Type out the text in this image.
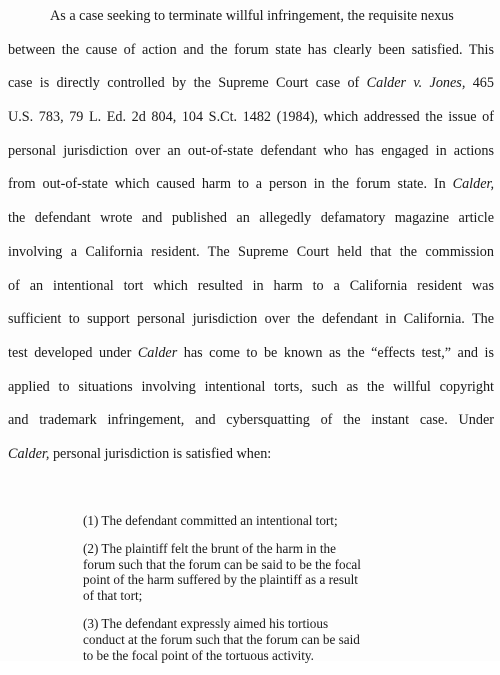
As a case seeking to terminate willful infringement, the requisite nexus
between the cause of action and the forum state has clearly been satisfied. This
case is directly controlled by the Supreme Court case of Calder v. Jones, 465
U.S. 783, 79 L. Ed. 2d 804, 104 S.Ct. 1482 (1984), which addressed the issue of
personal jurisdiction over an out-of-state defendant who has engaged in actions
from out-of-state which caused harm to a person in the forum state. In Calder,
the defendant wrote and published an allegedly defamatory magazine article
involving a California resident. The Supreme Court held that the commission
of an intentional tort which resulted in harm to a California resident was
sufficient to support personal jurisdiction over the defendant in California. The
test developed under Calder has come to be known as the “effects test,” and is
applied to situations involving intentional torts, such as the willful copyright
and trademark infringement, and cybersquatting of the instant case. Under
Calder, personal jurisdiction is satisfied when:
(1) The defendant committed an intentional tort;
(2) The plaintiff felt the brunt of the harm in the
forum such that the forum can be said to be the focal
point of the harm suffered by the plaintiff as a result
of that tort;
(3) The defendant expressly aimed his tortious
conduct at the forum such that the forum can be said
to be the focal point of the tortuous activity.
